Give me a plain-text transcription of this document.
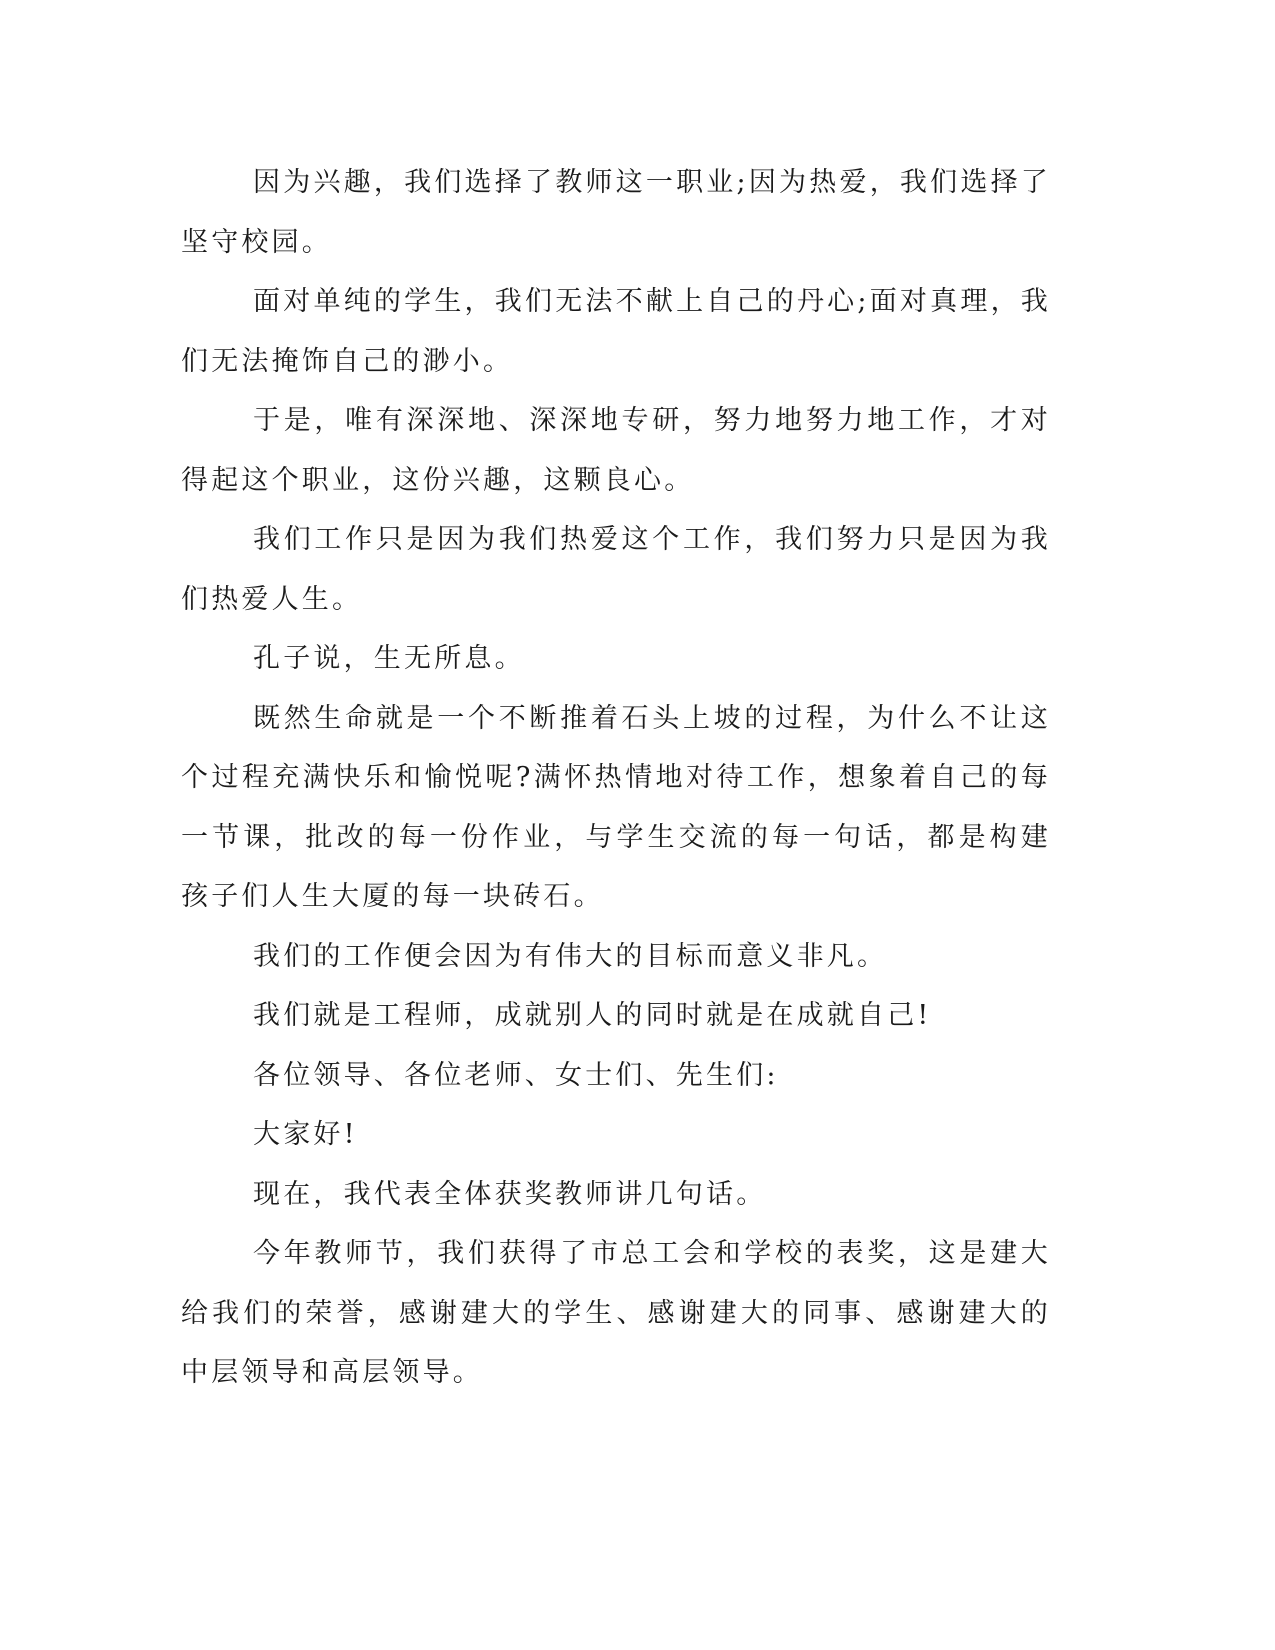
因为兴趣，我们选择了教师这一职业;因为热爱，我们选择了坚守校园。

面对单纯的学生，我们无法不献上自己的丹心;面对真理，我们无法掩饰自己的渺小。

于是，唯有深深地、深深地专研，努力地努力地工作，才对得起这个职业，这份兴趣，这颗良心。

我们工作只是因为我们热爱这个工作，我们努力只是因为我们热爱人生。

孔子说，生无所息。

既然生命就是一个不断推着石头上坡的过程，为什么不让这个过程充满快乐和愉悦呢?满怀热情地对待工作，想象着自己的每一节课，批改的每一份作业，与学生交流的每一句话，都是构建孩子们人生大厦的每一块砖石。

我们的工作便会因为有伟大的目标而意义非凡。

我们就是工程师，成就别人的同时就是在成就自己!

各位领导、各位老师、女士们、先生们:

大家好!

现在，我代表全体获奖教师讲几句话。

今年教师节，我们获得了市总工会和学校的表奖，这是建大给我们的荣誉，感谢建大的学生、感谢建大的同事、感谢建大的中层领导和高层领导。
